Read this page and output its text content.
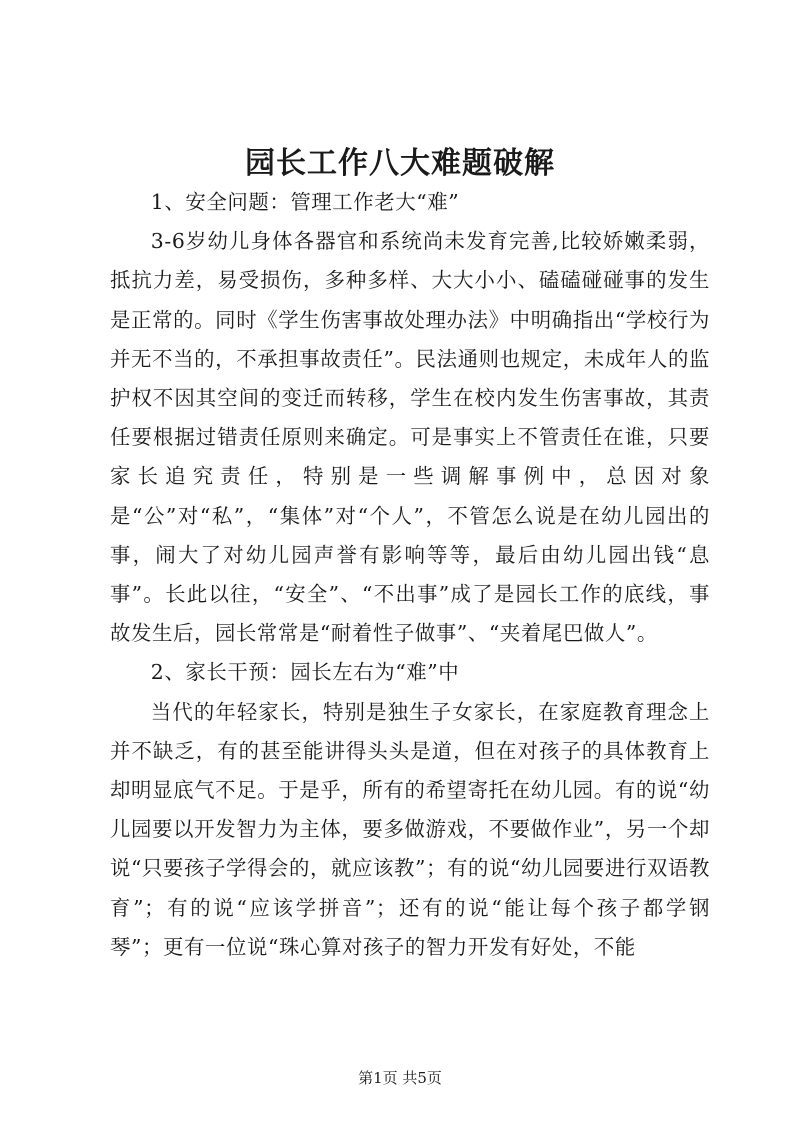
园长工作八大难题破解

1、安全问题：管理工作老大“难”

3-6岁幼儿身体各器官和系统尚未发育完善,比较娇嫩柔弱，抵抗力差，易受损伤，多种多样、大大小小、磕磕碰碰事的发生是正常的。同时《学生伤害事故处理办法》中明确指出“学校行为并无不当的，不承担事故责任”。民法通则也规定，未成年人的监护权不因其空间的变迁而转移，学生在校内发生伤害事故，其责任要根据过错责任原则来确定。可是事实上不管责任在谁，只要家长追究责任，特别是一些调解事例中，总因对象是“公”对“私”，“集体”对“个人”，不管怎么说是在幼儿园出的事，闹大了对幼儿园声誉有影响等等，最后由幼儿园出钱“息事”。长此以往，“安全”、“不出事”成了是园长工作的底线，事故发生后，园长常常是“耐着性子做事”、“夹着尾巴做人”。

2、家长干预：园长左右为“难”中

当代的年轻家长，特别是独生子女家长，在家庭教育理念上并不缺乏，有的甚至能讲得头头是道，但在对孩子的具体教育上却明显底气不足。于是乎，所有的希望寄托在幼儿园。有的说“幼儿园要以开发智力为主体，要多做游戏，不要做作业”，另一个却说“只要孩子学得会的，就应该教”；有的说“幼儿园要进行双语教育”；有的说“应该学拼音”；还有的说“能让每个孩子都学钢琴”；更有一位说“珠心算对孩子的智力开发有好处，不能

第1页 共5页
